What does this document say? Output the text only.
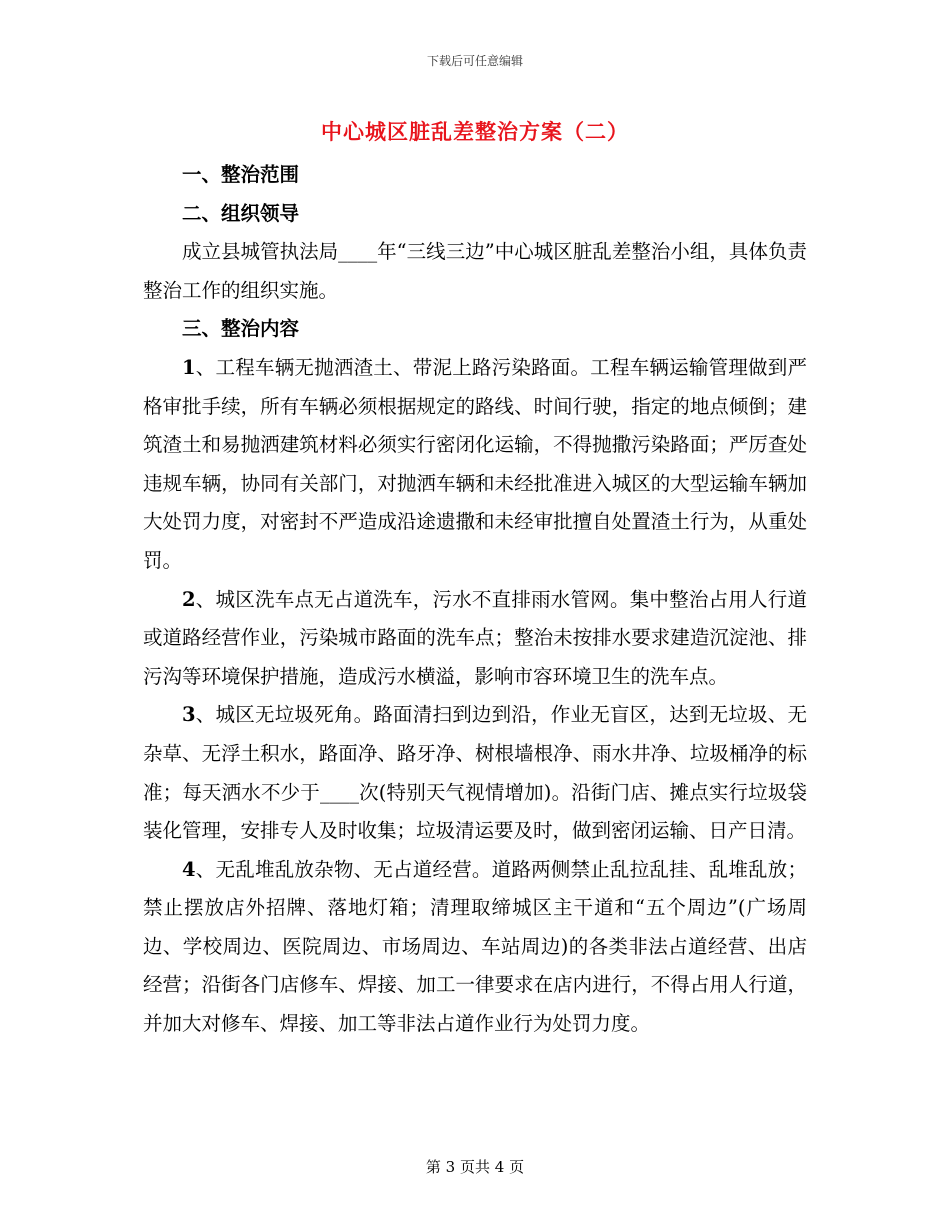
下载后可任意编辑
中心城区脏乱差整治方案（二）

一、整治范围

二、组织领导

成立县城管执法局____年“三线三边”中心城区脏乱差整治小组，具体负责整治工作的组织实施。

三、整治内容

1、工程车辆无抛洒渣土、带泥上路污染路面。工程车辆运输管理做到严格审批手续，所有车辆必须根据规定的路线、时间行驶，指定的地点倾倒；建筑渣土和易抛洒建筑材料必须实行密闭化运输，不得抛撒污染路面；严厉查处违规车辆，协同有关部门，对抛洒车辆和未经批准进入城区的大型运输车辆加大处罚力度，对密封不严造成沿途遗撒和未经审批擅自处置渣土行为，从重处罚。

2、城区洗车点无占道洗车，污水不直排雨水管网。集中整治占用人行道或道路经营作业，污染城市路面的洗车点；整治未按排水要求建造沉淀池、排污沟等环境保护措施，造成污水横溢，影响市容环境卫生的洗车点。

3、城区无垃圾死角。路面清扫到边到沿，作业无盲区，达到无垃圾、无杂草、无浮土积水，路面净、路牙净、树根墙根净、雨水井净、垃圾桶净的标准；每天洒水不少于____次(特别天气视情增加)。沿街门店、摊点实行垃圾袋装化管理，安排专人及时收集；垃圾清运要及时，做到密闭运输、日产日清。

4、无乱堆乱放杂物、无占道经营。道路两侧禁止乱拉乱挂、乱堆乱放；禁止摆放店外招牌、落地灯箱；清理取缔城区主干道和“五个周边”(广场周边、学校周边、医院周边、市场周边、车站周边)的各类非法占道经营、出店经营；沿街各门店修车、焊接、加工一律要求在店内进行，不得占用人行道，并加大对修车、焊接、加工等非法占道作业行为处罚力度。

第 3 页共 4 页
